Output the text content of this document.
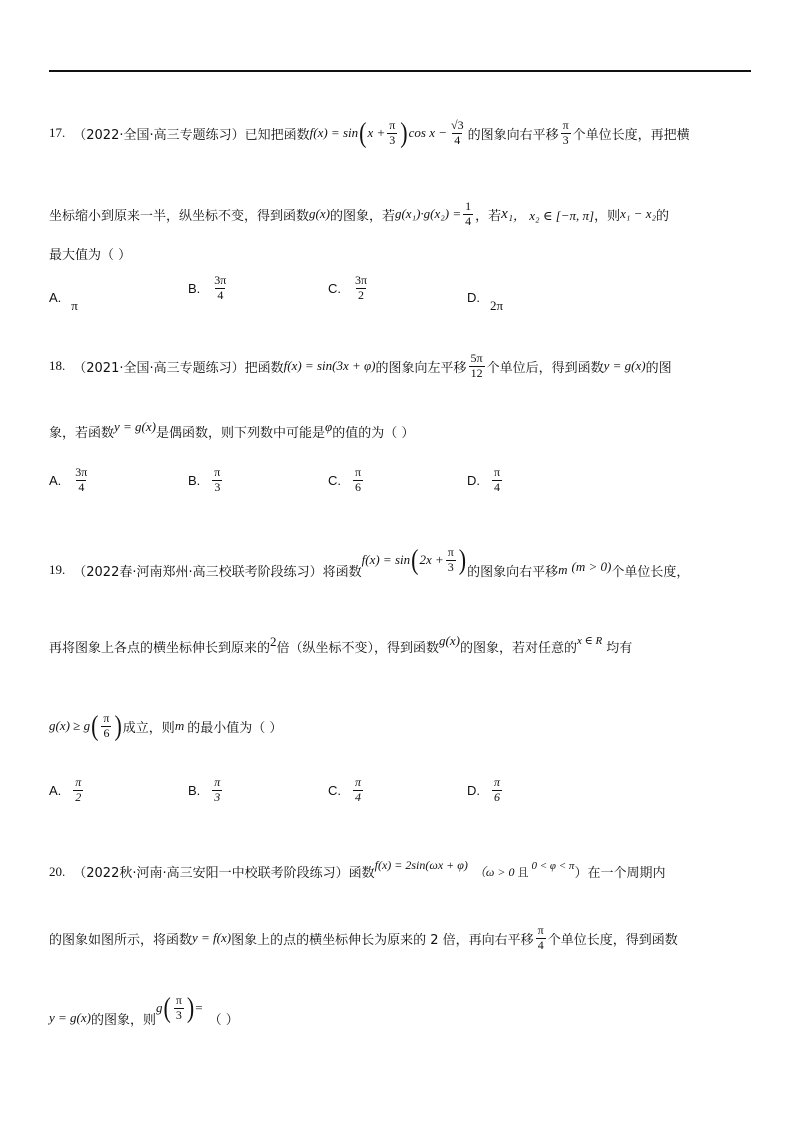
17. （2022·全国·高三专题练习） 已知把函数 f(x) = sin ( $x + \frac{\pi}{3}$ ) $\cos x - \frac{√3}{4}$ 的图象向右平移 $\frac{\pi}{3}$ 个单位长度，再把横
坐标缩小到原来一半，纵坐标不变，得到函数 g(x) 的图象，若 $g(x_1)\cdot g(x_2) = \frac{1}{4}$ ，若 x₁ ， x₂ ∈ [−π, π] ，则 x₁ − x₂ 的
最大值为（ ）
A.
π
B. $\frac{3\pi}{4}$	C. $\frac{3\pi}{2}$	D.
2π
18. （2021·全国·高三专题练习） 把函数 f(x) = sin(3x + φ) 的图象向左平移 $\frac{5\pi}{12}$ 个单位后，得到函数 y = g(x) 的图
象，若函数 y = g(x) 是偶函数，则下列数中可能是 φ 的值的为（ ）
A. $\frac{3\pi}{4}$	B. $\frac{\pi}{3}$	C. $\frac{\pi}{6}$	D. $\frac{\pi}{4}$
19. （2022春·河南郑州·高三校联考阶段练习） 将函数
f(x) = sin ( $2x + \frac{\pi}{3}$ ) 的图象向右平移 m (m > 0) 个单位长度，
再将图象上各点的横坐标伸长到原来的 2 倍（纵坐标不变），得到函数
g(x)
的图象，若对任意的 x ∈ R 均有
g(x) ≥ g ( $\frac{\pi}{6}$ ) 成立，则 m 的最小值为（ ）
A. $\frac{\pi}{2}$	B. $\frac{\pi}{3}$	C. $\frac{\pi}{4}$	D. $\frac{\pi}{6}$
20. （2022秋·河南·高三安阳一中校联考阶段练习） 函数
f(x) = 2sin(ωx + φ) （ω > 0 且 0 < φ < π
）在一个周期内
的图象如图所示，将函数 y = f(x) 图象上的点的横坐标伸长为原来的 2 倍，再向右平移 $\frac{\pi}{4}$ 个单位长度，得到函数
y = g(x) 的图象，则
g ( $\frac{\pi}{3}$ ) =
（ ）
